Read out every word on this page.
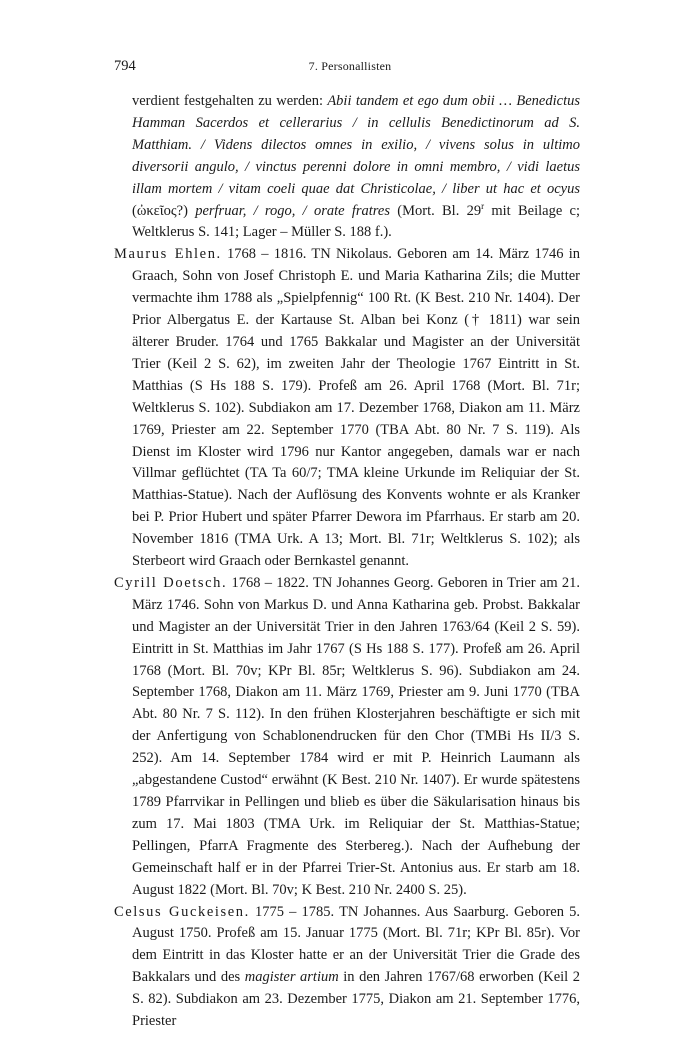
794	7. Personallisten

verdient festgehalten zu werden: Abii tandem et ego dum obii … Benedictus Hamman Sacerdos et cellerarius / in cellulis Benedictinorum ad S. Matthiam. / Videns dilectos omnes in exilio, / vivens solus in ultimo diversorii angulo, / vinctus perenni dolore in omni membro, / vidi laetus illam mortem / vitam coeli quae dat Christicolae, / liber ut hac et ocyus (ὠκεῖος?) perfruar, / rogo, / orate fratres (Mort. Bl. 29$^r$ mit Beilage c; Weltklerus S. 141; Lager – Müller S. 188 f.).

Maurus Ehlen. 1768 – 1816. TN Nikolaus. Geboren am 14. März 1746 in Graach, Sohn von Josef Christoph E. und Maria Katharina Zils; die Mutter vermachte ihm 1788 als „Spielpfennig“ 100 Rt. (K Best. 210 Nr. 1404). Der Prior Albergatus E. der Kartause St. Alban bei Konz († 1811) war sein älterer Bruder. 1764 und 1765 Bakkalar und Magister an der Universität Trier (Keil 2 S. 62), im zweiten Jahr der Theologie 1767 Eintritt in St. Matthias (S Hs 188 S. 179). Profeß am 26. April 1768 (Mort. Bl. 71r; Weltklerus S. 102). Subdiakon am 17. Dezember 1768, Diakon am 11. März 1769, Priester am 22. September 1770 (TBA Abt. 80 Nr. 7 S. 119). Als Dienst im Kloster wird 1796 nur Kantor angegeben, damals war er nach Villmar geflüchtet (TA Ta 60/7; TMA kleine Urkunde im Reliquiar der St. Matthias-Statue). Nach der Auflösung des Konvents wohnte er als Kranker bei P. Prior Hubert und später Pfarrer Dewora im Pfarrhaus. Er starb am 20. November 1816 (TMA Urk. A 13; Mort. Bl. 71r; Weltklerus S. 102); als Sterbeort wird Graach oder Bernkastel genannt.

Cyrill Doetsch. 1768 – 1822. TN Johannes Georg. Geboren in Trier am 21. März 1746. Sohn von Markus D. und Anna Katharina geb. Probst. Bakkalar und Magister an der Universität Trier in den Jahren 1763/64 (Keil 2 S. 59). Eintritt in St. Matthias im Jahr 1767 (S Hs 188 S. 177). Profeß am 26. April 1768 (Mort. Bl. 70v; KPr Bl. 85r; Weltklerus S. 96). Subdiakon am 24. September 1768, Diakon am 11. März 1769, Priester am 9. Juni 1770 (TBA Abt. 80 Nr. 7 S. 112). In den frühen Klosterjahren beschäftigte er sich mit der Anfertigung von Schablonendrucken für den Chor (TMBi Hs II/3 S. 252). Am 14. September 1784 wird er mit P. Heinrich Laumann als „abgestandene Custod“ erwähnt (K Best. 210 Nr. 1407). Er wurde spätestens 1789 Pfarrvikar in Pellingen und blieb es über die Säkularisation hinaus bis zum 17. Mai 1803 (TMA Urk. im Reliquiar der St. Matthias-Statue; Pellingen, PfarrA Fragmente des Sterbereg.). Nach der Aufhebung der Gemeinschaft half er in der Pfarrei Trier-St. Antonius aus. Er starb am 18. August 1822 (Mort. Bl. 70v; K Best. 210 Nr. 2400 S. 25).

Celsus Guckeisen. 1775 – 1785. TN Johannes. Aus Saarburg. Geboren 5. August 1750. Profeß am 15. Januar 1775 (Mort. Bl. 71r; KPr Bl. 85r). Vor dem Eintritt in das Kloster hatte er an der Universität Trier die Grade des Bakkalars und des magister artium in den Jahren 1767/68 erworben (Keil 2 S. 82). Subdiakon am 23. Dezember 1775, Diakon am 21. September 1776, Priester
